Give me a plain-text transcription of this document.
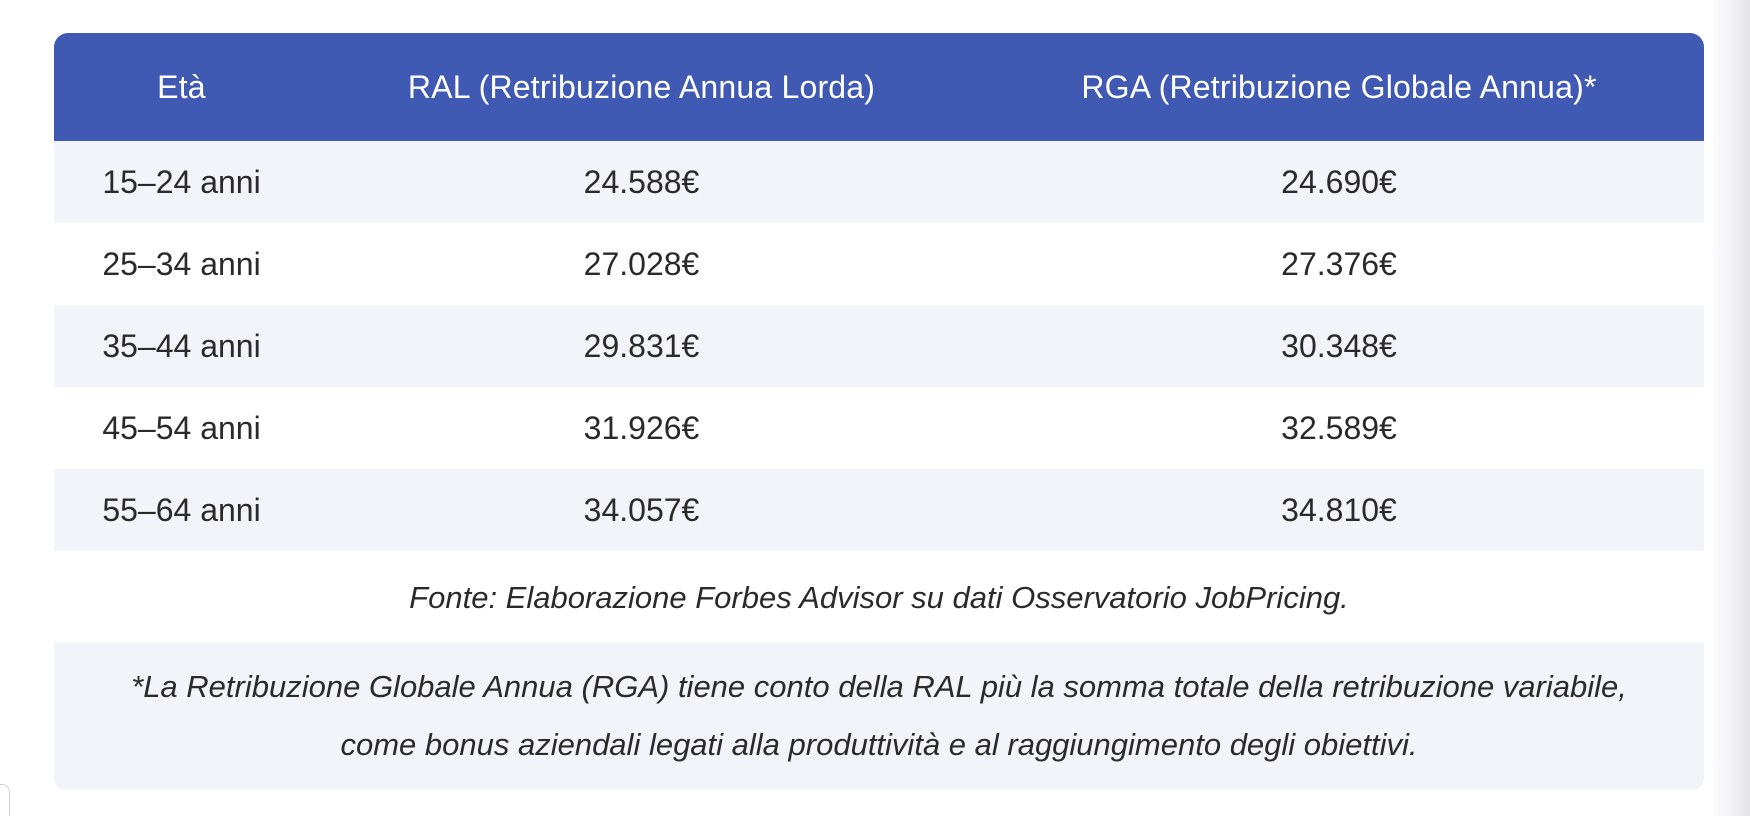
Età	RAL (Retribuzione Annua Lorda)	RGA (Retribuzione Globale Annua)*
15–24 anni	24.588€	24.690€
25–34 anni	27.028€	27.376€
35–44 anni	29.831€	30.348€
45–54 anni	31.926€	32.589€
55–64 anni	34.057€	34.810€
Fonte: Elaborazione Forbes Advisor su dati Osservatorio JobPricing.
*La Retribuzione Globale Annua (RGA) tiene conto della RAL più la somma totale della retribuzione variabile,
come bonus aziendali legati alla produttività e al raggiungimento degli obiettivi.
